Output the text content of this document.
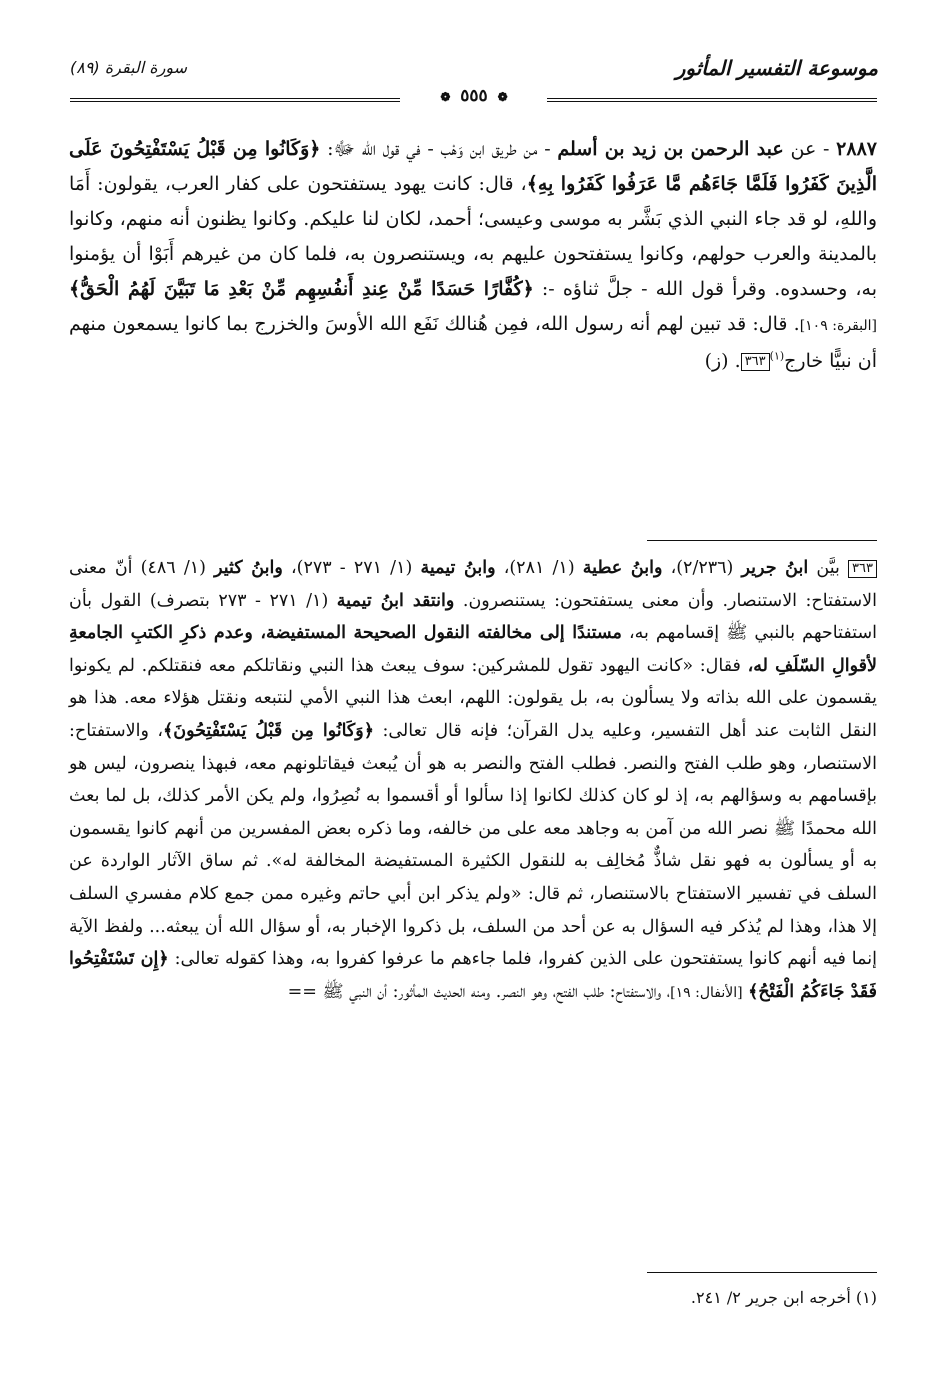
موسوعة التفسير المأثور
سورة البقرة (٨٩)
❁ ٥٥٥ ❁

٢٨٨٧ - عن عبد الرحمن بن زيد بن أسلم - من طريق ابن وَهْب - في قول الله ﷻ: ﴿وَكَانُوا مِن قَبْلُ يَسْتَفْتِحُونَ عَلَى الَّذِينَ كَفَرُوا فَلَمَّا جَاءَهُم مَّا عَرَفُوا كَفَرُوا بِهِ﴾، قال: كانت يهود يستفتحون على كفار العرب، يقولون: أَمَا واللهِ، لو قد جاء النبي الذي بَشَّر به موسى وعيسى؛ أحمد، لكان لنا عليكم. وكانوا يظنون أنه منهم، وكانوا بالمدينة والعرب حولهم، وكانوا يستفتحون عليهم به، ويستنصرون به، فلما كان من غيرهم أَبَوْا أن يؤمنوا به، وحسدوه. وقرأ قول الله - جلَّ ثناؤه -: ﴿كُفَّارًا حَسَدًا مِّنْ عِندِ أَنفُسِهِم مِّنْ بَعْدِ مَا تَبَيَّنَ لَهُمُ الْحَقُّ﴾ [البقرة: ١٠٩]. قال: قد تبين لهم أنه رسول الله، فمِن هُنالك نَفَع الله الأوسَ والخزرج بما كانوا يسمعون منهم أن نبيًّا خارج$^{(١)}$٣٦٣. (ز)

٣٦٣ بيَّن ابنُ جرير (٢/٢٣٦)، وابنُ عطية (١/ ٢٨١)، وابنُ تيمية (١/ ٢٧١ - ٢٧٣)، وابنُ كثير (١/ ٤٨٦) أنّ معنى الاستفتاح: الاستنصار. وأن معنى يستفتحون: يستنصرون. وانتقد ابنُ تيمية (١/ ٢٧١ - ٢٧٣ بتصرف) القول بأن استفتاحهم بالنبي ﷺ إقسامهم به، مستندًا إلى مخالفته النقول الصحيحة المستفيضة، وعدم ذكرِ الكتبِ الجامعةِ لأقوالِ السّلَفِ له، فقال: «كانت اليهود تقول للمشركين: سوف يبعث هذا النبي ونقاتلكم معه فنقتلكم. لم يكونوا يقسمون على الله بذاته ولا يسألون به، بل يقولون: اللهم، ابعث هذا النبي الأمي لنتبعه ونقتل هؤلاء معه. هذا هو النقل الثابت عند أهل التفسير، وعليه يدل القرآن؛ فإنه قال تعالى: ﴿وَكَانُوا مِن قَبْلُ يَسْتَفْتِحُونَ﴾، والاستفتاح: الاستنصار، وهو طلب الفتح والنصر. فطلب الفتح والنصر به هو أن يُبعث فيقاتلونهم معه، فبهذا ينصرون، ليس هو بإقسامهم به وسؤالهم به، إذ لو كان كذلك لكانوا إذا سألوا أو أقسموا به نُصِرُوا، ولم يكن الأمر كذلك، بل لما بعث الله محمدًا ﷺ نصر الله من آمن به وجاهد معه على من خالفه، وما ذكره بعض المفسرين من أنهم كانوا يقسمون به أو يسألون به فهو نقل شاذٌّ مُخالِف به للنقول الكثيرة المستفيضة المخالفة له». ثم ساق الآثار الواردة عن السلف في تفسير الاستفتاح بالاستنصار، ثم قال: «ولم يذكر ابن أبي حاتم وغيره ممن جمع كلام مفسري السلف إلا هذا، وهذا لم يُذكر فيه السؤال به عن أحد من السلف، بل ذكروا الإخبار به، أو سؤال الله أن يبعثه... ولفظ الآية إنما فيه أنهم كانوا يستفتحون على الذين كفروا، فلما جاءهم ما عرفوا كفروا به، وهذا كقوله تعالى: ﴿إِن تَسْتَفْتِحُوا فَقَدْ جَاءَكُمُ الْفَتْحُ﴾ [الأنفال: ١٩]، والاستفتاح: طلب الفتح، وهو النصر. ومنه الحديث المأثور: أن النبي ﷺ ==

(١) أخرجه ابن جرير ٢/ ٢٤١.
